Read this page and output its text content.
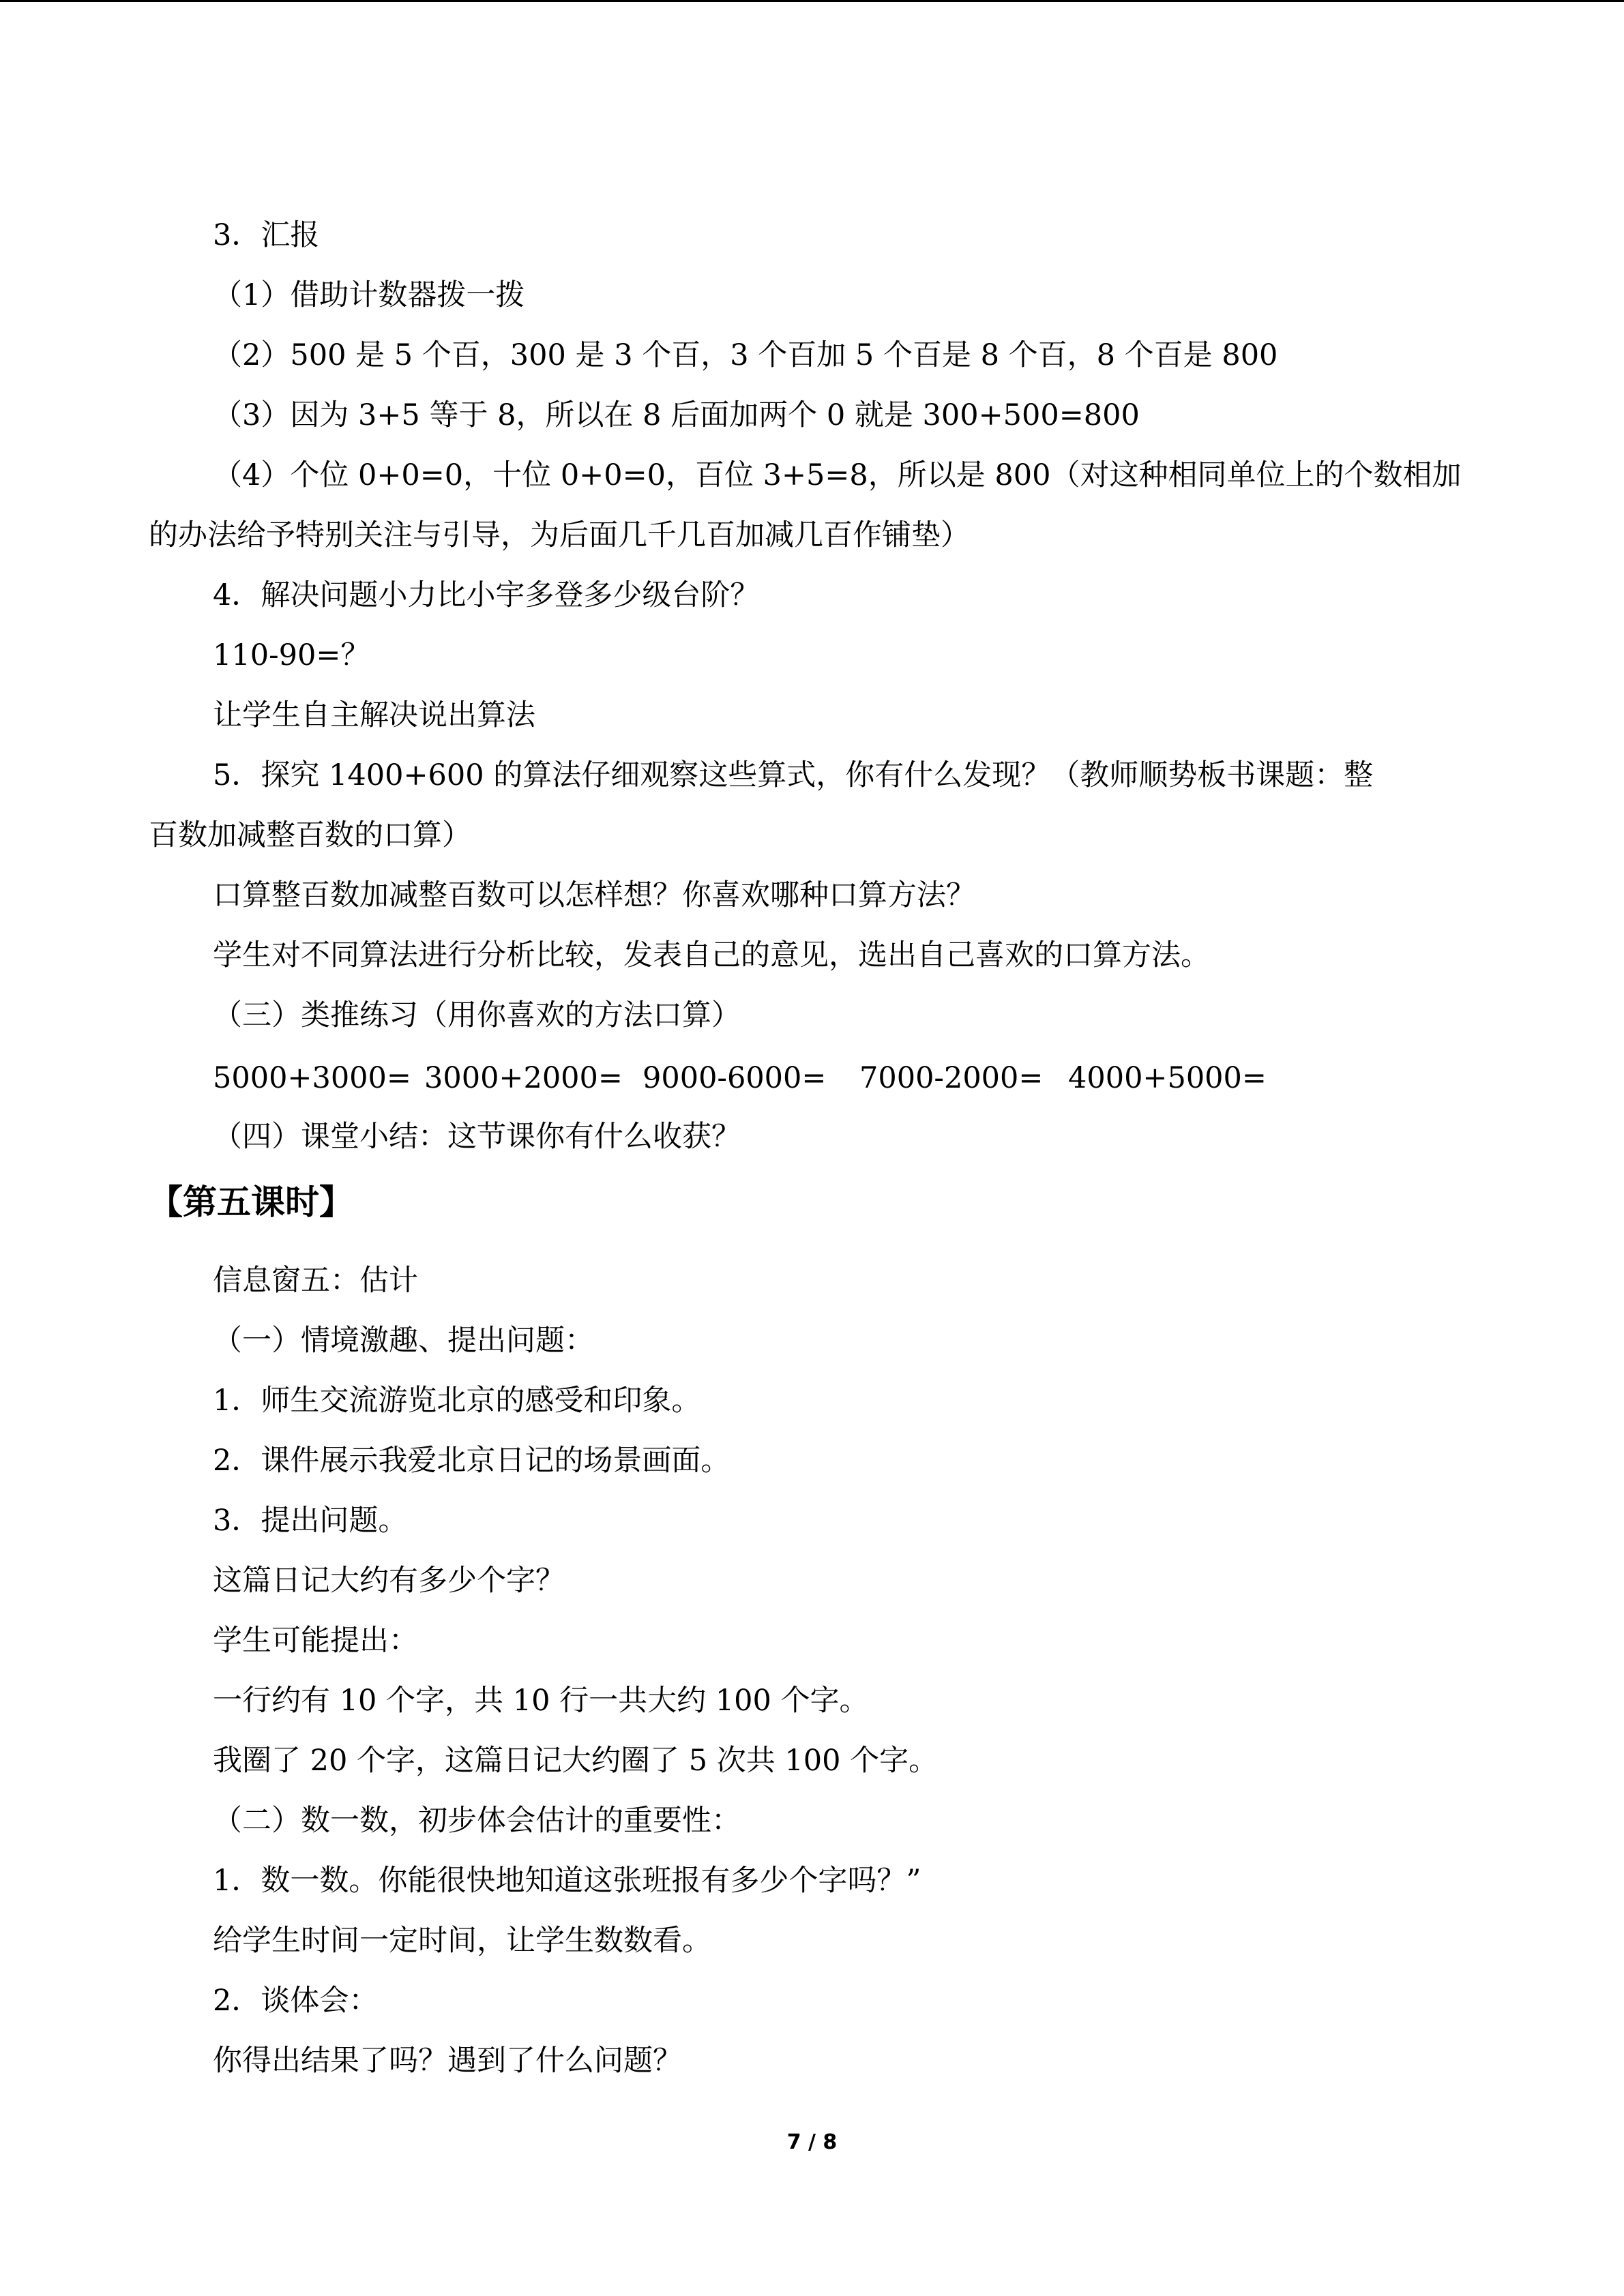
3．汇报
（1）借助计数器拨一拨
（2）500 是 5 个百，300 是 3 个百，3 个百加 5 个百是 8 个百，8 个百是 800
（3）因为 3+5 等于 8，所以在 8 后面加两个 0 就是 300+500=800
（4）个位 0+0=0，十位 0+0=0，百位 3+5=8，所以是 800（对这种相同单位上的个数相加
的办法给予特别关注与引导，为后面几千几百加减几百作铺垫）
4．解决问题小力比小宇多登多少级台阶？
110-90=？
让学生自主解决说出算法
5．探究 1400+600 的算法仔细观察这些算式，你有什么发现？（教师顺势板书课题：整
百数加减整百数的口算）
口算整百数加减整百数可以怎样想？你喜欢哪种口算方法？
学生对不同算法进行分析比较，发表自己的意见，选出自己喜欢的口算方法。
（三）类推练习（用你喜欢的方法口算）
5000+3000= 3000+2000= 9000-6000= 7000-2000= 4000+5000=
（四）课堂小结：这节课你有什么收获？
【第五课时】
信息窗五：估计
（一）情境激趣、提出问题：
1．师生交流游览北京的感受和印象。
2．课件展示我爱北京日记的场景画面。
3．提出问题。
这篇日记大约有多少个字？
学生可能提出：
一行约有 10 个字，共 10 行一共大约 100 个字。
我圈了 20 个字，这篇日记大约圈了 5 次共 100 个字。
（二）数一数，初步体会估计的重要性：
1．数一数。你能很快地知道这张班报有多少个字吗？”
给学生时间一定时间，让学生数数看。
2．谈体会：
你得出结果了吗？遇到了什么问题？
7 / 8
